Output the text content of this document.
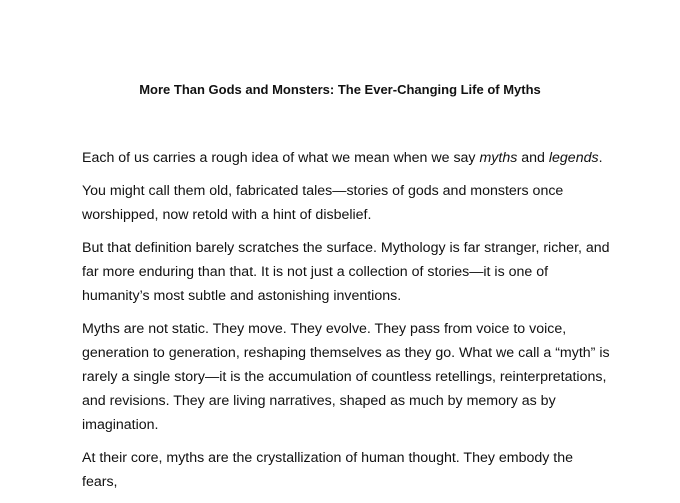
More Than Gods and Monsters: The Ever-Changing Life of Myths

Each of us carries a rough idea of what we mean when we say myths and legends.

You might call them old, fabricated tales—stories of gods and monsters once worshipped, now retold with a hint of disbelief.

But that definition barely scratches the surface. Mythology is far stranger, richer, and far more enduring than that. It is not just a collection of stories—it is one of humanity’s most subtle and astonishing inventions.

Myths are not static. They move. They evolve. They pass from voice to voice, generation to generation, reshaping themselves as they go. What we call a “myth” is rarely a single story—it is the accumulation of countless retellings, reinterpretations, and revisions. They are living narratives, shaped as much by memory as by imagination.

At their core, myths are the crystallization of human thought. They embody the fears,
